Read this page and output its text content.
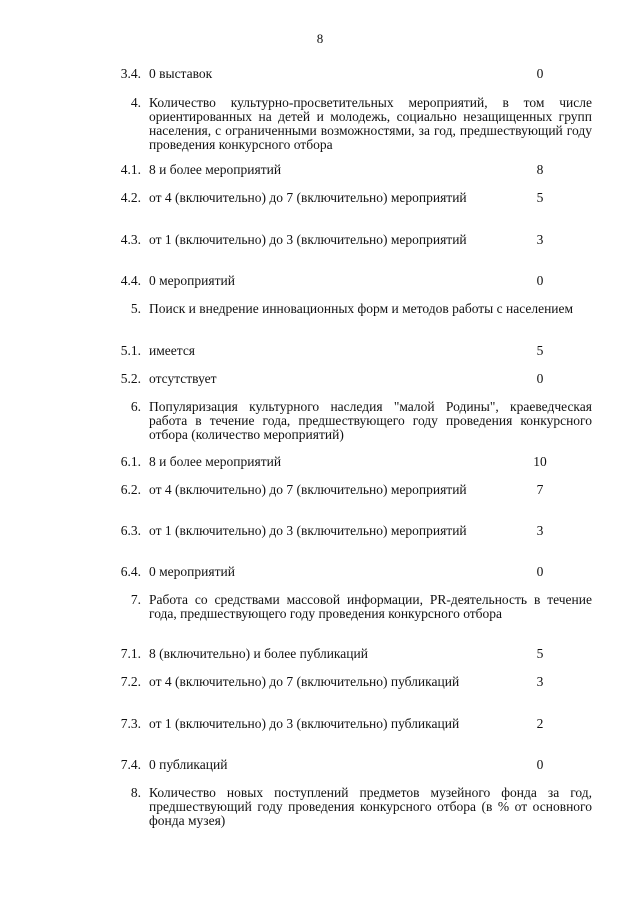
8
3.4. 0 выставок	0
4. Количество культурно-просветительных мероприятий, в том числе ориентированных на детей и молодежь, социально незащищенных групп населения, с ограниченными возможностями, за год, предшествующий году проведения конкурсного отбора
4.1. 8 и более мероприятий	8
4.2. от 4 (включительно) до 7 (включительно) мероприятий	5
4.3. от 1 (включительно) до 3 (включительно) мероприятий	3
4.4. 0 мероприятий	0
5. Поиск и внедрение инновационных форм и методов работы с населением
5.1. имеется	5
5.2. отсутствует	0
6. Популяризация культурного наследия "малой Родины", краеведческая работа в течение года, предшествующего году проведения конкурсного отбора (количество мероприятий)
6.1. 8 и более мероприятий	10
6.2. от 4 (включительно) до 7 (включительно) мероприятий	7
6.3. от 1 (включительно) до 3 (включительно) мероприятий	3
6.4. 0 мероприятий	0
7. Работа со средствами массовой информации, PR-деятельность в течение года, предшествующего году проведения конкурсного отбора
7.1. 8 (включительно) и более публикаций	5
7.2. от 4 (включительно) до 7 (включительно) публикаций	3
7.3. от 1 (включительно) до 3 (включительно) публикаций	2
7.4. 0 публикаций	0
8. Количество новых поступлений предметов музейного фонда за год, предшествующий году проведения конкурсного отбора (в % от основного фонда музея)
